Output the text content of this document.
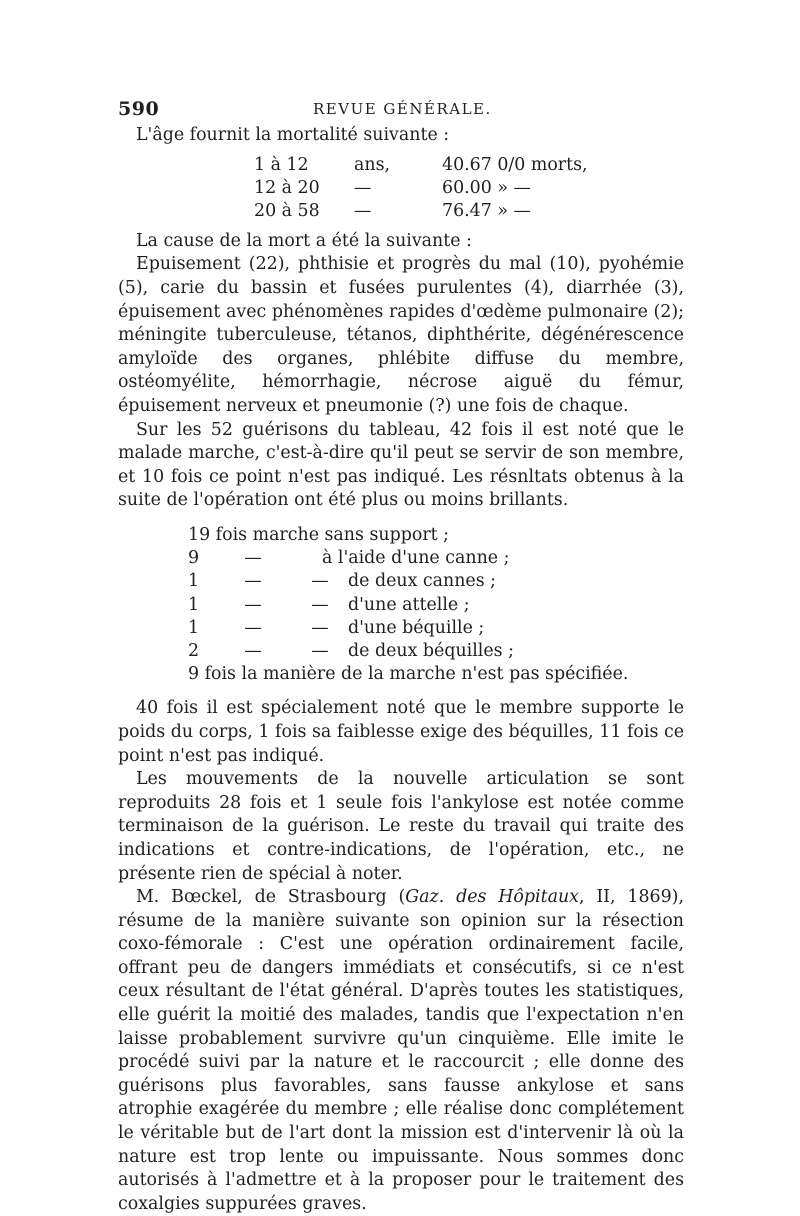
590	REVUE GÉNÉRALE.

L'âge fournit la mortalité suivante :

1 à 12	ans,	40.67 0/0 morts,
12 à 20	—	60.00 » —
20 à 58	—	76.47 » —

La cause de la mort a été la suivante :

Epuisement (22), phthisie et progrès du mal (10), pyohémie (5), carie du bassin et fusées purulentes (4), diarrhée (3), épuisement avec phénomènes rapides d'œdème pulmonaire (2); méningite tuberculeuse, tétanos, diphthérite, dégénérescence amyloïde des organes, phlébite diffuse du membre, ostéomyélite, hémorrhagie, nécrose aiguë du fémur, épuisement nerveux et pneumonie (?) une fois de chaque.

Sur les 52 guérisons du tableau, 42 fois il est noté que le malade marche, c'est-à-dire qu'il peut se servir de son membre, et 10 fois ce point n'est pas indiqué. Les résnltats obtenus à la suite de l'opération ont été plus ou moins brillants.

19 fois marche sans support ;
9	—	à l'aide d'une canne ;
1	—	—	de deux cannes ;
1	—	—	d'une attelle ;
1	—	—	d'une béquille ;
2	—	—	de deux béquilles ;
9 fois la manière de la marche n'est pas spécifiée.

40 fois il est spécialement noté que le membre supporte le poids du corps, 1 fois sa faiblesse exige des béquilles, 11 fois ce point n'est pas indiqué.

Les mouvements de la nouvelle articulation se sont reproduits 28 fois et 1 seule fois l'ankylose est notée comme terminaison de la guérison. Le reste du travail qui traite des indications et contre-indications, de l'opération, etc., ne présente rien de spécial à noter.

M. Bœckel, de Strasbourg (Gaz. des Hôpitaux, II, 1869), résume de la manière suivante son opinion sur la résection coxo-fémorale : C'est une opération ordinairement facile, offrant peu de dangers immédiats et consécutifs, si ce n'est ceux résultant de l'état général. D'après toutes les statistiques, elle guérit la moitié des malades, tandis que l'expectation n'en laisse probablement survivre qu'un cinquième. Elle imite le procédé suivi par la nature et le raccourcit ; elle donne des guérisons plus favorables, sans fausse ankylose et sans atrophie exagérée du membre ; elle réalise donc complétement le véritable but de l'art dont la mission est d'intervenir là où la nature est trop lente ou impuissante. Nous sommes donc autorisés à l'admettre et à la proposer pour le traitement des coxalgies suppurées graves.
